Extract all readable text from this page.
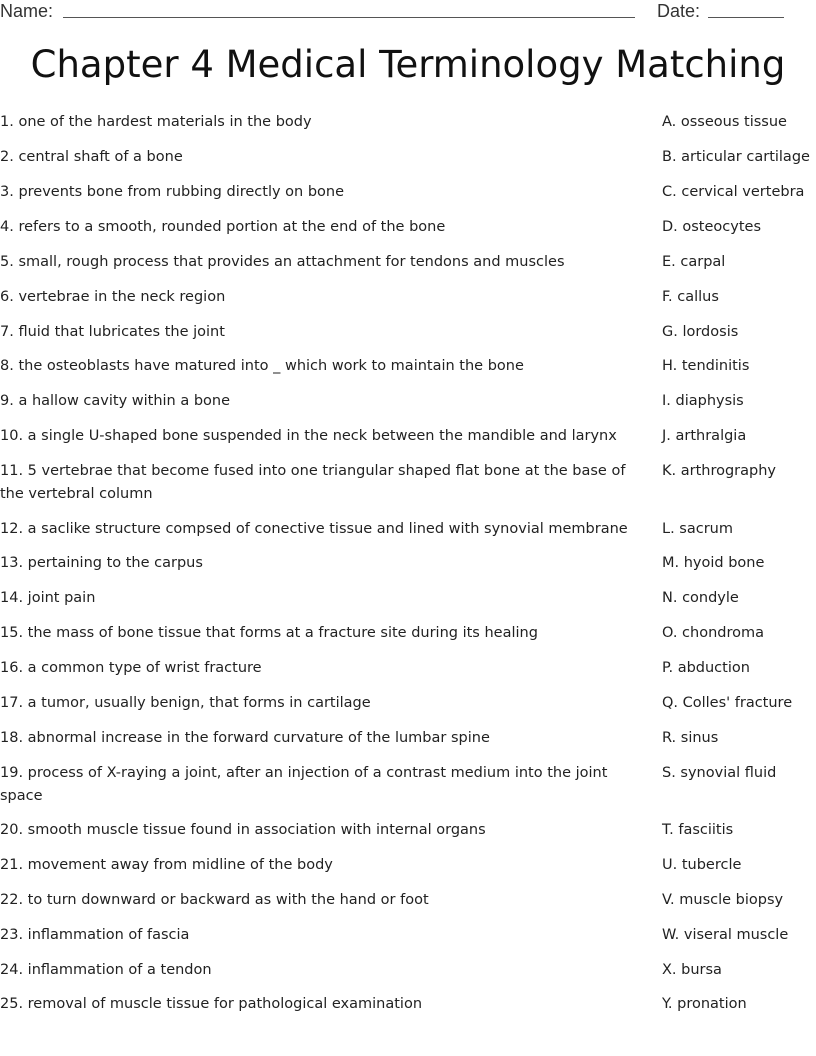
Name:	Date:
Chapter 4 Medical Terminology Matching
1. one of the hardest materials in the body	A. osseous tissue
2. central shaft of a bone	B. articular cartilage
3. prevents bone from rubbing directly on bone	C. cervical vertebra
4. refers to a smooth, rounded portion at the end of the bone	D. osteocytes
5. small, rough process that provides an attachment for tendons and muscles	E. carpal
6. vertebrae in the neck region	F. callus
7. fluid that lubricates the joint	G. lordosis
8. the osteoblasts have matured into _ which work to maintain the bone	H. tendinitis
9. a hallow cavity within a bone	I. diaphysis
10. a single U-shaped bone suspended in the neck between the mandible and larynx	J. arthralgia
11. 5 vertebrae that become fused into one triangular shaped flat bone at the base of the vertebral column
K. arthrography
12. a saclike structure compsed of conective tissue and lined with synovial membrane	L. sacrum
13. pertaining to the carpus	M. hyoid bone
14. joint pain	N. condyle
15. the mass of bone tissue that forms at a fracture site during its healing	O. chondroma
16. a common type of wrist fracture	P. abduction
17. a tumor, usually benign, that forms in cartilage	Q. Colles' fracture
18. abnormal increase in the forward curvature of the lumbar spine	R. sinus
19. process of X-raying a joint, after an injection of a contrast medium into the joint space
S. synovial fluid
20. smooth muscle tissue found in association with internal organs	T. fasciitis
21. movement away from midline of the body	U. tubercle
22. to turn downward or backward as with the hand or foot	V. muscle biopsy
23. inflammation of fascia	W. viseral muscle
24. inflammation of a tendon	X. bursa
25. removal of muscle tissue for pathological examination	Y. pronation
